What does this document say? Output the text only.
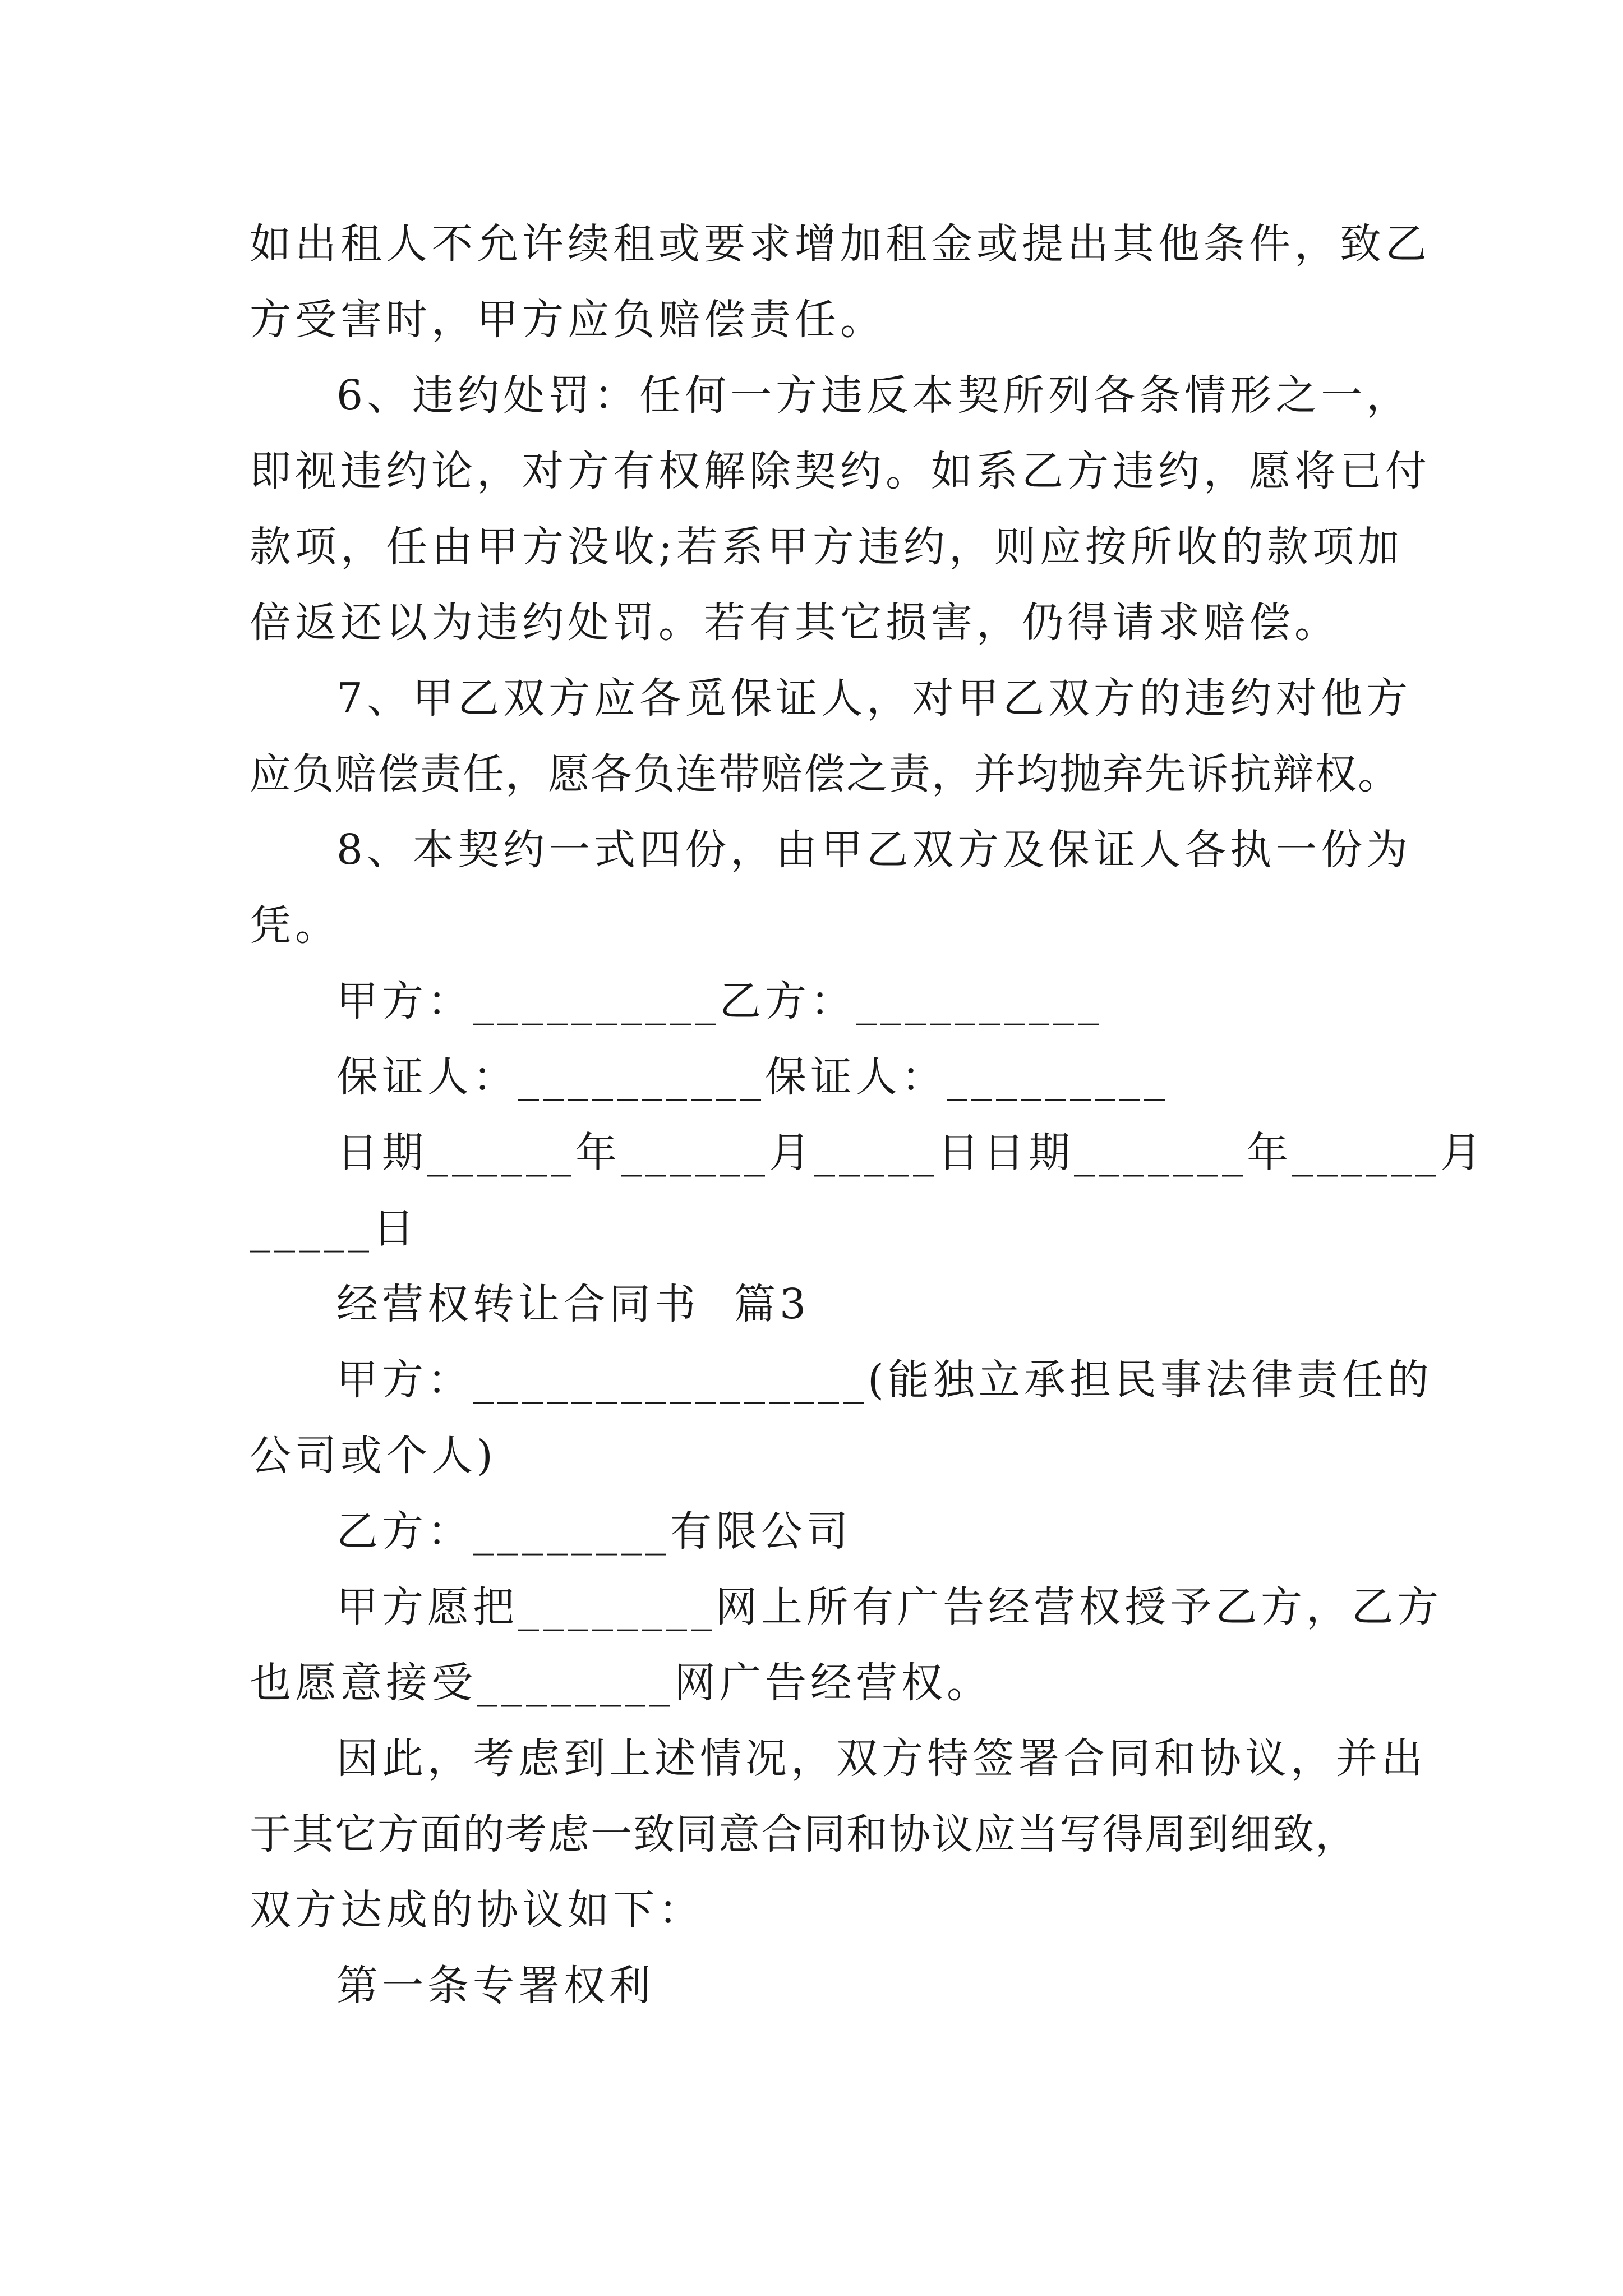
如出租人不允许续租或要求增加租金或提出其他条件，致乙
方受害时，甲方应负赔偿责任。
6、违约处罚：任何一方违反本契所列各条情形之一，
即视违约论，对方有权解除契约。如系乙方违约，愿将已付
款项，任由甲方没收;若系甲方违约，则应按所收的款项加
倍返还以为违约处罚。若有其它损害，仍得请求赔偿。
7、甲乙双方应各觅保证人，对甲乙双方的违约对他方
应负赔偿责任，愿各负连带赔偿之责，并均抛弃先诉抗辩权。
8、本契约一式四份，由甲乙双方及保证人各执一份为
凭。
甲方：__________乙方：__________
保证人：__________保证人：_________
日期______年______月_____日日期_______年______月
_____日
经营权转让合同书  篇3
甲方：________________(能独立承担民事法律责任的
公司或个人)
乙方：________有限公司
甲方愿把________网上所有广告经营权授予乙方，乙方
也愿意接受________网广告经营权。
因此，考虑到上述情况，双方特签署合同和协议，并出
于其它方面的考虑一致同意合同和协议应当写得周到细致，
双方达成的协议如下：
第一条专署权利
